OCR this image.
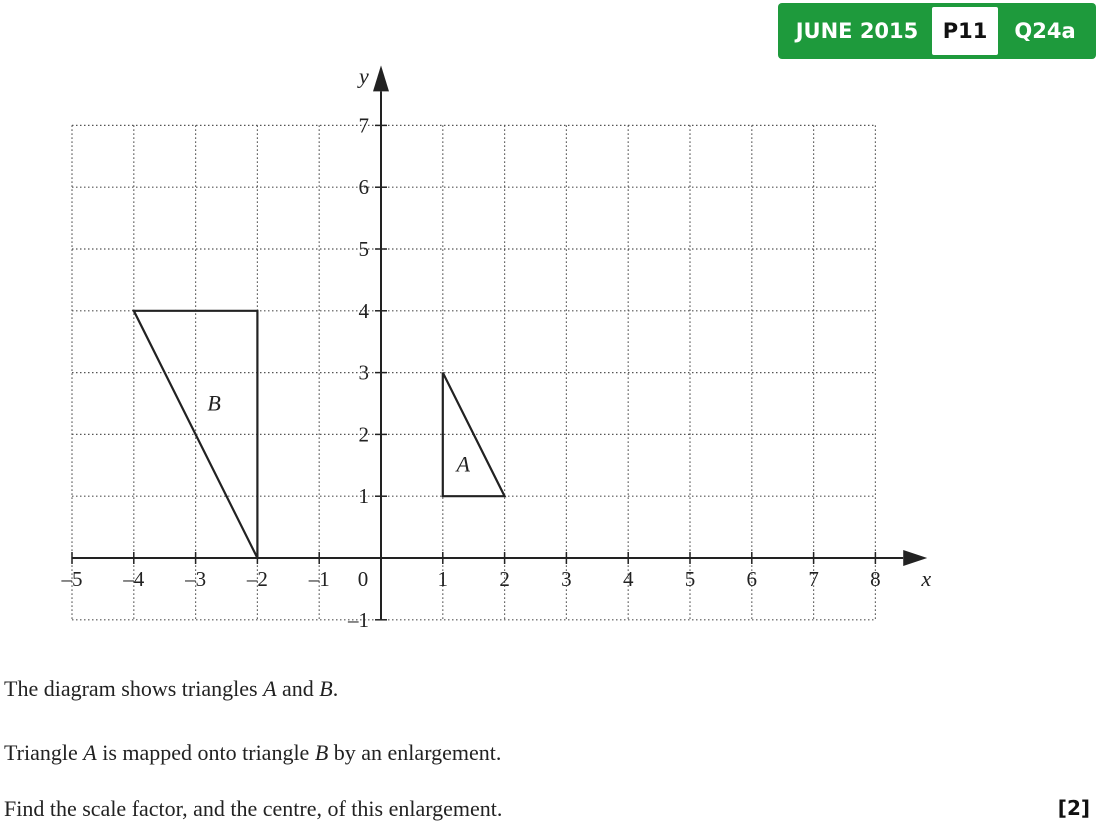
JUNE 2015	P11	Q24a
x
y
–5 –4 –3 –2 –1 0	1 2 3 4 5 6 7 8
–1
1
2
3
4
5
6
7
A
B
The diagram shows triangles A and B.
Triangle A is mapped onto triangle B by an enlargement.
Find the scale factor, and the centre, of this enlargement.	[2]
